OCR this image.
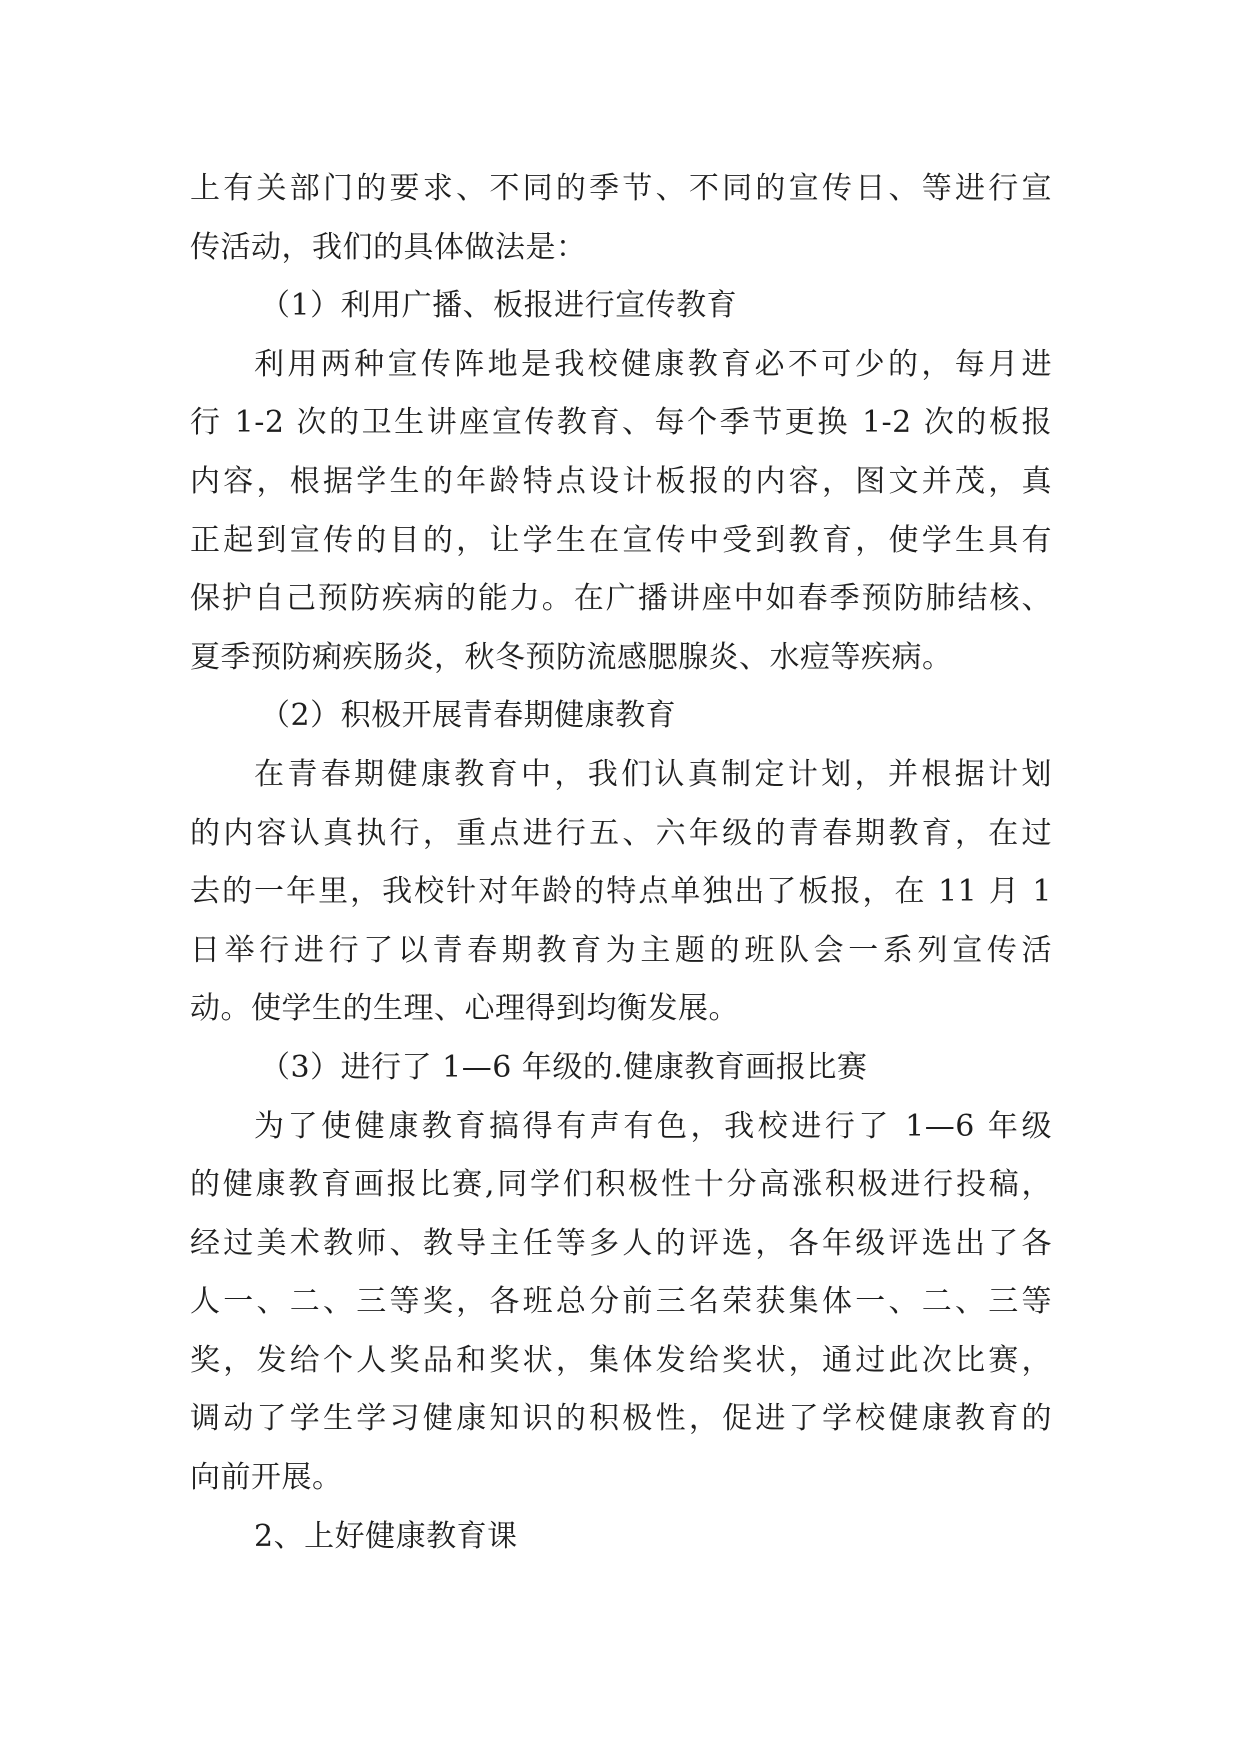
上有关部门的要求、不同的季节、不同的宣传日、等进行宣
传活动，我们的具体做法是：
（1）利用广播、板报进行宣传教育
利用两种宣传阵地是我校健康教育必不可少的，每月进
行 1-2 次的卫生讲座宣传教育、每个季节更换 1-2 次的板报
内容，根据学生的年龄特点设计板报的内容，图文并茂，真
正起到宣传的目的，让学生在宣传中受到教育，使学生具有
保护自己预防疾病的能力。在广播讲座中如春季预防肺结核、
夏季预防痢疾肠炎，秋冬预防流感腮腺炎、水痘等疾病。
（2）积极开展青春期健康教育
在青春期健康教育中，我们认真制定计划，并根据计划
的内容认真执行，重点进行五、六年级的青春期教育，在过
去的一年里，我校针对年龄的特点单独出了板报，在 11 月 1
日举行进行了以青春期教育为主题的班队会一系列宣传活
动。使学生的生理、心理得到均衡发展。
（3）进行了 1—6 年级的.健康教育画报比赛
为了使健康教育搞得有声有色，我校进行了 1—6 年级
的健康教育画报比赛,同学们积极性十分高涨积极进行投稿，
经过美术教师、教导主任等多人的评选，各年级评选出了各
人一、二、三等奖，各班总分前三名荣获集体一、二、三等
奖，发给个人奖品和奖状，集体发给奖状，通过此次比赛，
调动了学生学习健康知识的积极性，促进了学校健康教育的
向前开展。
2、上好健康教育课
